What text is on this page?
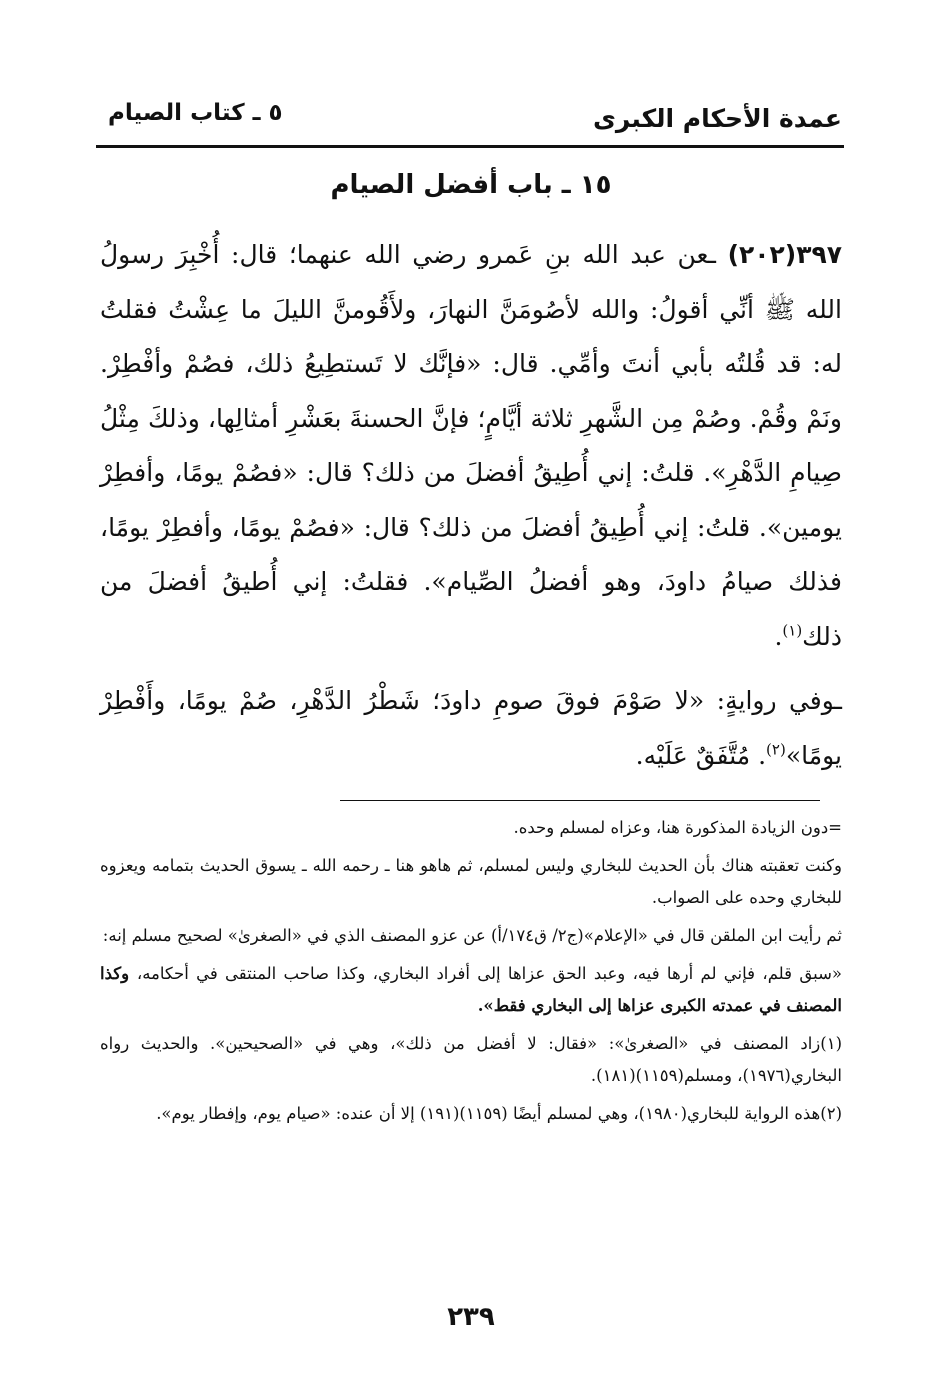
عمدة الأحكام الكبرى
٥ ـ كتاب الصيام
١٥ ـ باب أفضل الصيام

٣٩٧(٢٠٢) ـعن عبد الله بنِ عَمرو رضي الله عنهما؛ قال: أُخْبِرَ رسولُ الله ﷺ أنِّي أقولُ: والله لأصُومَنَّ النهارَ، ولأَقُومنَّ الليلَ ما عِشْتُ فقلتُ له: قد قُلتُه بأبي أنتَ وأمِّي. قال: «فإنَّك لا تَستطِيعُ ذلك، فصُمْ وأفْطِرْ. ونَمْ وقُمْ. وصُمْ مِن الشَّهرِ ثلاثة أيَّامٍ؛ فإنَّ الحسنةَ بعَشْرِ أمثالِها، وذلكَ مِثْلُ صِيامِ الدَّهْرِ». قلتُ: إني أُطِيقُ أفضلَ من ذلك؟ قال: «فصُمْ يومًا، وأفطِرْ يومين». قلتُ: إني أُطِيقُ أفضلَ من ذلك؟ قال: «فصُمْ يومًا، وأفطِرْ يومًا، فذلك صيامُ داودَ، وهو أفضلُ الصِّيام». فقلتُ: إني أُطيقُ أفضلَ من ذلك$^{(١)}$.

ـوفي روايةٍ: «لا صَوْمَ فوقَ صومِ داودَ؛ شَطْرُ الدَّهْرِ، صُمْ يومًا، وأَفْطِرْ يومًا»$^{(٢)}$. مُتَّفَقٌ عَلَيْه.

=دون الزيادة المذكورة هنا، وعزاه لمسلم وحده.

وكنت تعقبته هناك بأن الحديث للبخاري وليس لمسلم، ثم هاهو هنا ـ رحمه الله ـ يسوق الحديث بتمامه ويعزوه للبخاري وحده على الصواب.

ثم رأيت ابن الملقن قال في «الإعلام»(ج٢/ ق١٧٤/أ) عن عزو المصنف الذي في «الصغرىٰ» لصحيح مسلم إنه:

«سبق قلم، فإني لم أرها فيه، وعبد الحق عزاها إلى أفراد البخاري، وكذا صاحب المنتقى في أحكامه، وكذا المصنف في عمدته الكبرى عزاها إلى البخاري فقط».

(١)زاد المصنف في «الصغرىٰ»: «فقال: لا أفضل من ذلك»، وهي في «الصحيحين». والحديث رواه البخاري(١٩٧٦)، ومسلم(١١٥٩)(١٨١).

(٢)هذه الرواية للبخاري(١٩٨٠)، وهي لمسلم أيضًا (١١٥٩)(١٩١) إلا أن عنده: «صيام يوم، وإفطار يوم».

٢٣٩
